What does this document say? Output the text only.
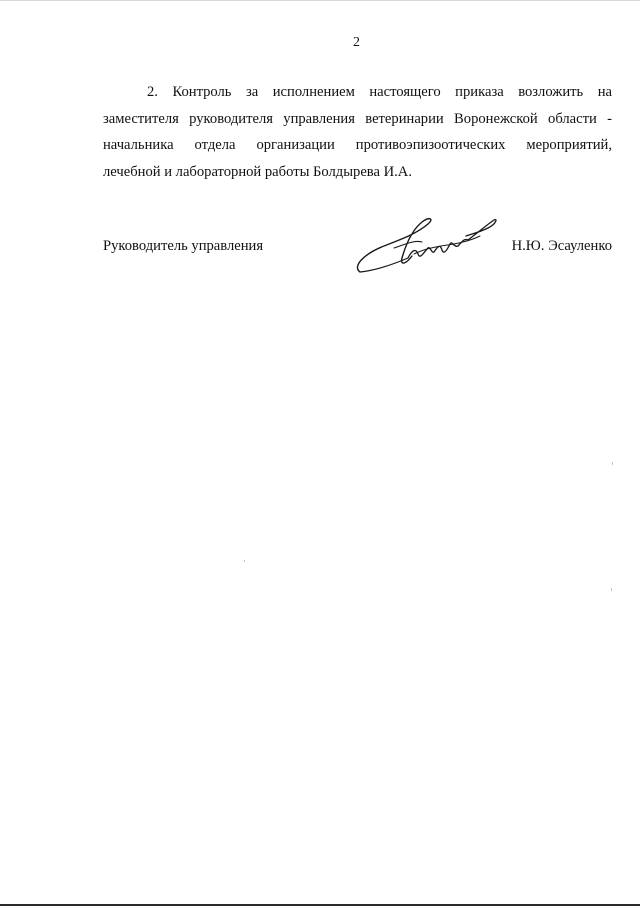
2
2. Контроль за исполнением настоящего приказа возложить на
заместителя руководителя управления ветеринарии Воронежской области -
начальника отдела организации противоэпизоотических мероприятий,
лечебной и лабораторной работы Болдырева И.А.
Руководитель управления	Н.Ю. Эсауленко
